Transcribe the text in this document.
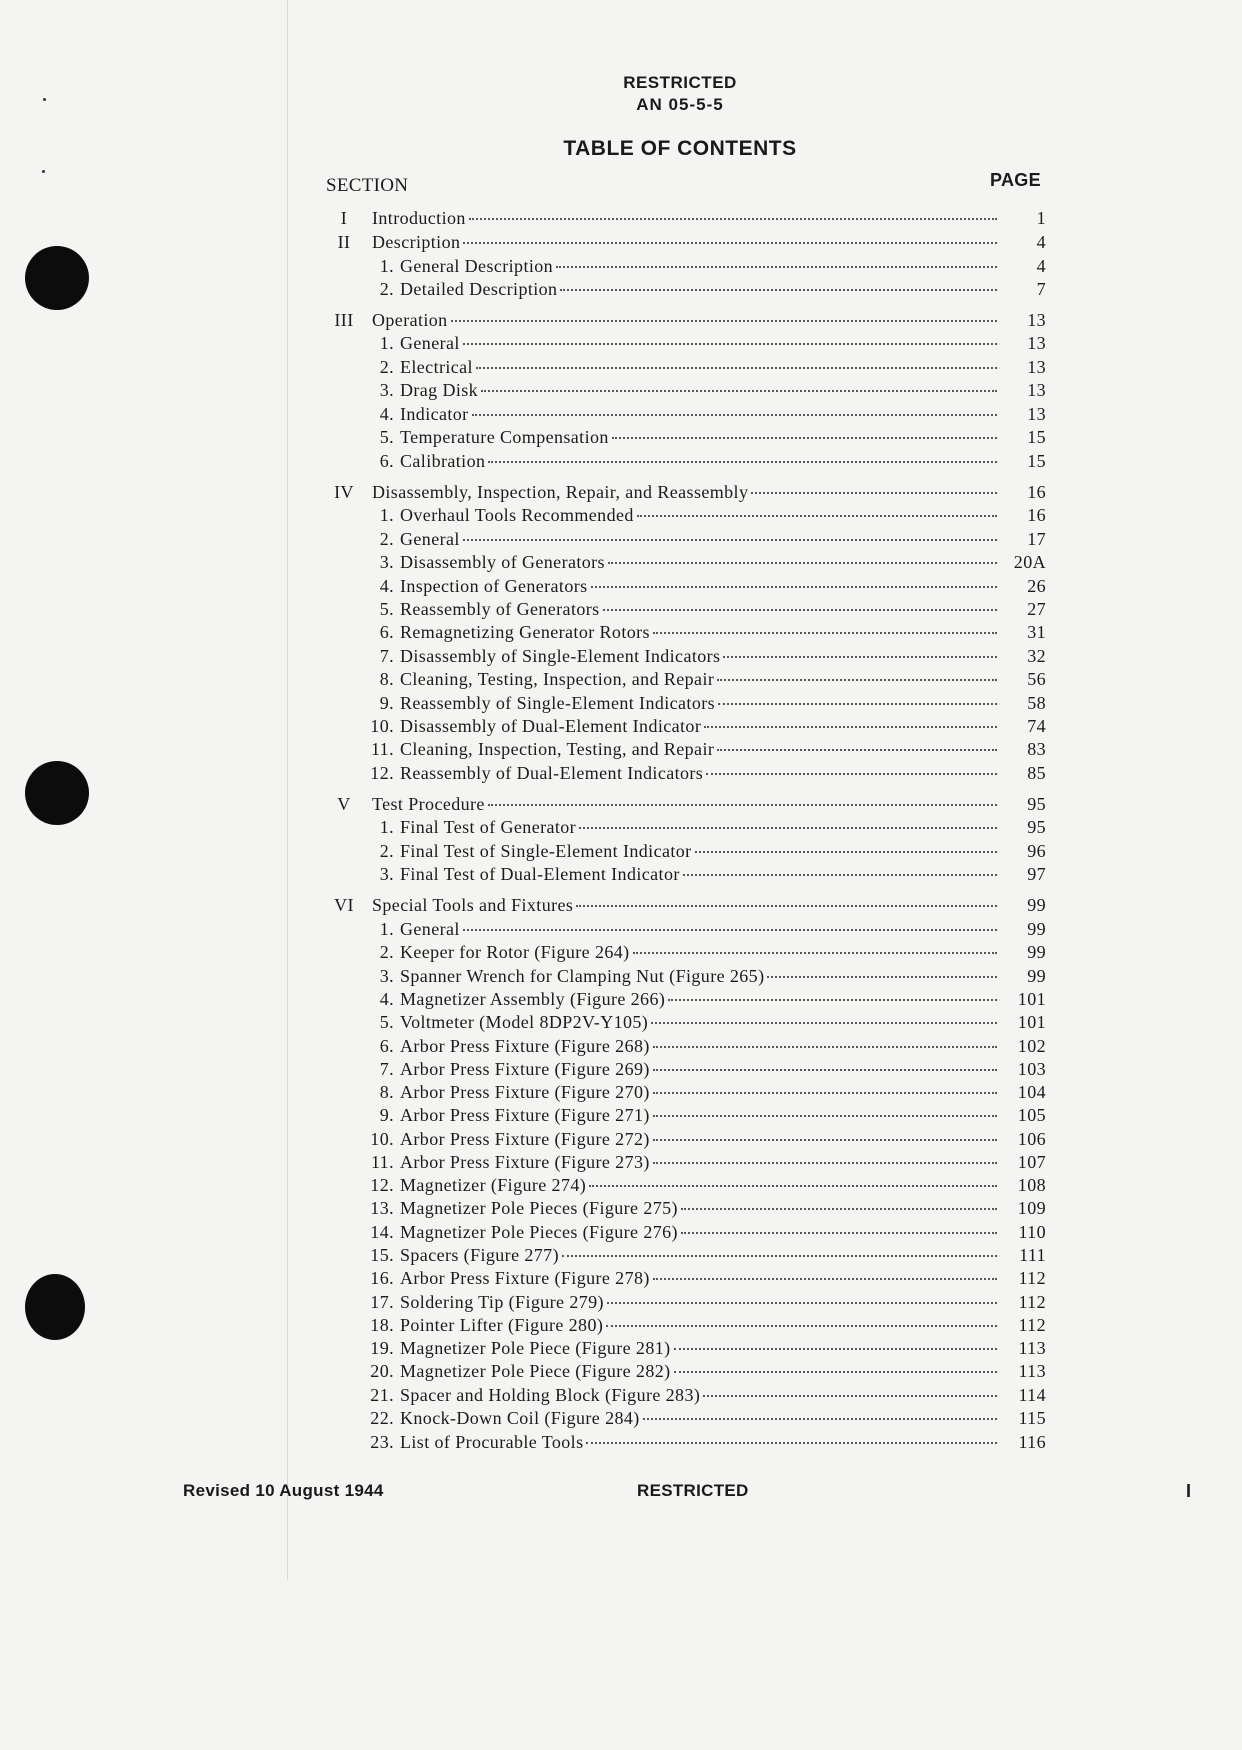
RESTRICTED
AN 05-5-5
TABLE OF CONTENTS
SECTION	PAGE
I	Introduction	1
II	Description	4
1. General Description	4
2. Detailed Description	7
III Operation	13
1. General	13
2. Electrical	13
3. Drag Disk	13
4. Indicator	13
5. Temperature Compensation	15
6. Calibration	15
IV Disassembly, Inspection, Repair, and Reassembly	16
1. Overhaul Tools Recommended	16
2. General	17
3. Disassembly of Generators	20A
4. Inspection of Generators	26
5. Reassembly of Generators	27
6. Remagnetizing Generator Rotors	31
7. Disassembly of Single-Element Indicators	32
8. Cleaning, Testing, Inspection, and Repair	56
9. Reassembly of Single-Element Indicators	58
10. Disassembly of Dual-Element Indicator	74
11. Cleaning, Inspection, Testing, and Repair	83
12. Reassembly of Dual-Element Indicators	85
V	Test Procedure	95
1. Final Test of Generator	95
2. Final Test of Single-Element Indicator	96
3. Final Test of Dual-Element Indicator	97
VI Special Tools and Fixtures	99
1. General	99
2. Keeper for Rotor (Figure 264)	99
3. Spanner Wrench for Clamping Nut (Figure 265)	99
4. Magnetizer Assembly (Figure 266)	101
5. Voltmeter (Model 8DP2V-Y105)	101
6. Arbor Press Fixture (Figure 268)	102
7. Arbor Press Fixture (Figure 269)	103
8. Arbor Press Fixture (Figure 270)	104
9. Arbor Press Fixture (Figure 271)	105
10. Arbor Press Fixture (Figure 272)	106
11. Arbor Press Fixture (Figure 273)	107
12. Magnetizer (Figure 274)	108
13. Magnetizer Pole Pieces (Figure 275)	109
14. Magnetizer Pole Pieces (Figure 276)	110
15. Spacers (Figure 277)	111
16. Arbor Press Fixture (Figure 278)	112
17. Soldering Tip (Figure 279)	112
18. Pointer Lifter (Figure 280)	112
19. Magnetizer Pole Piece (Figure 281)	113
20. Magnetizer Pole Piece (Figure 282)	113
21. Spacer and Holding Block (Figure 283)	114
22. Knock-Down Coil (Figure 284)	115
23. List of Procurable Tools	116
Revised 10 August 1944	RESTRICTED	I
